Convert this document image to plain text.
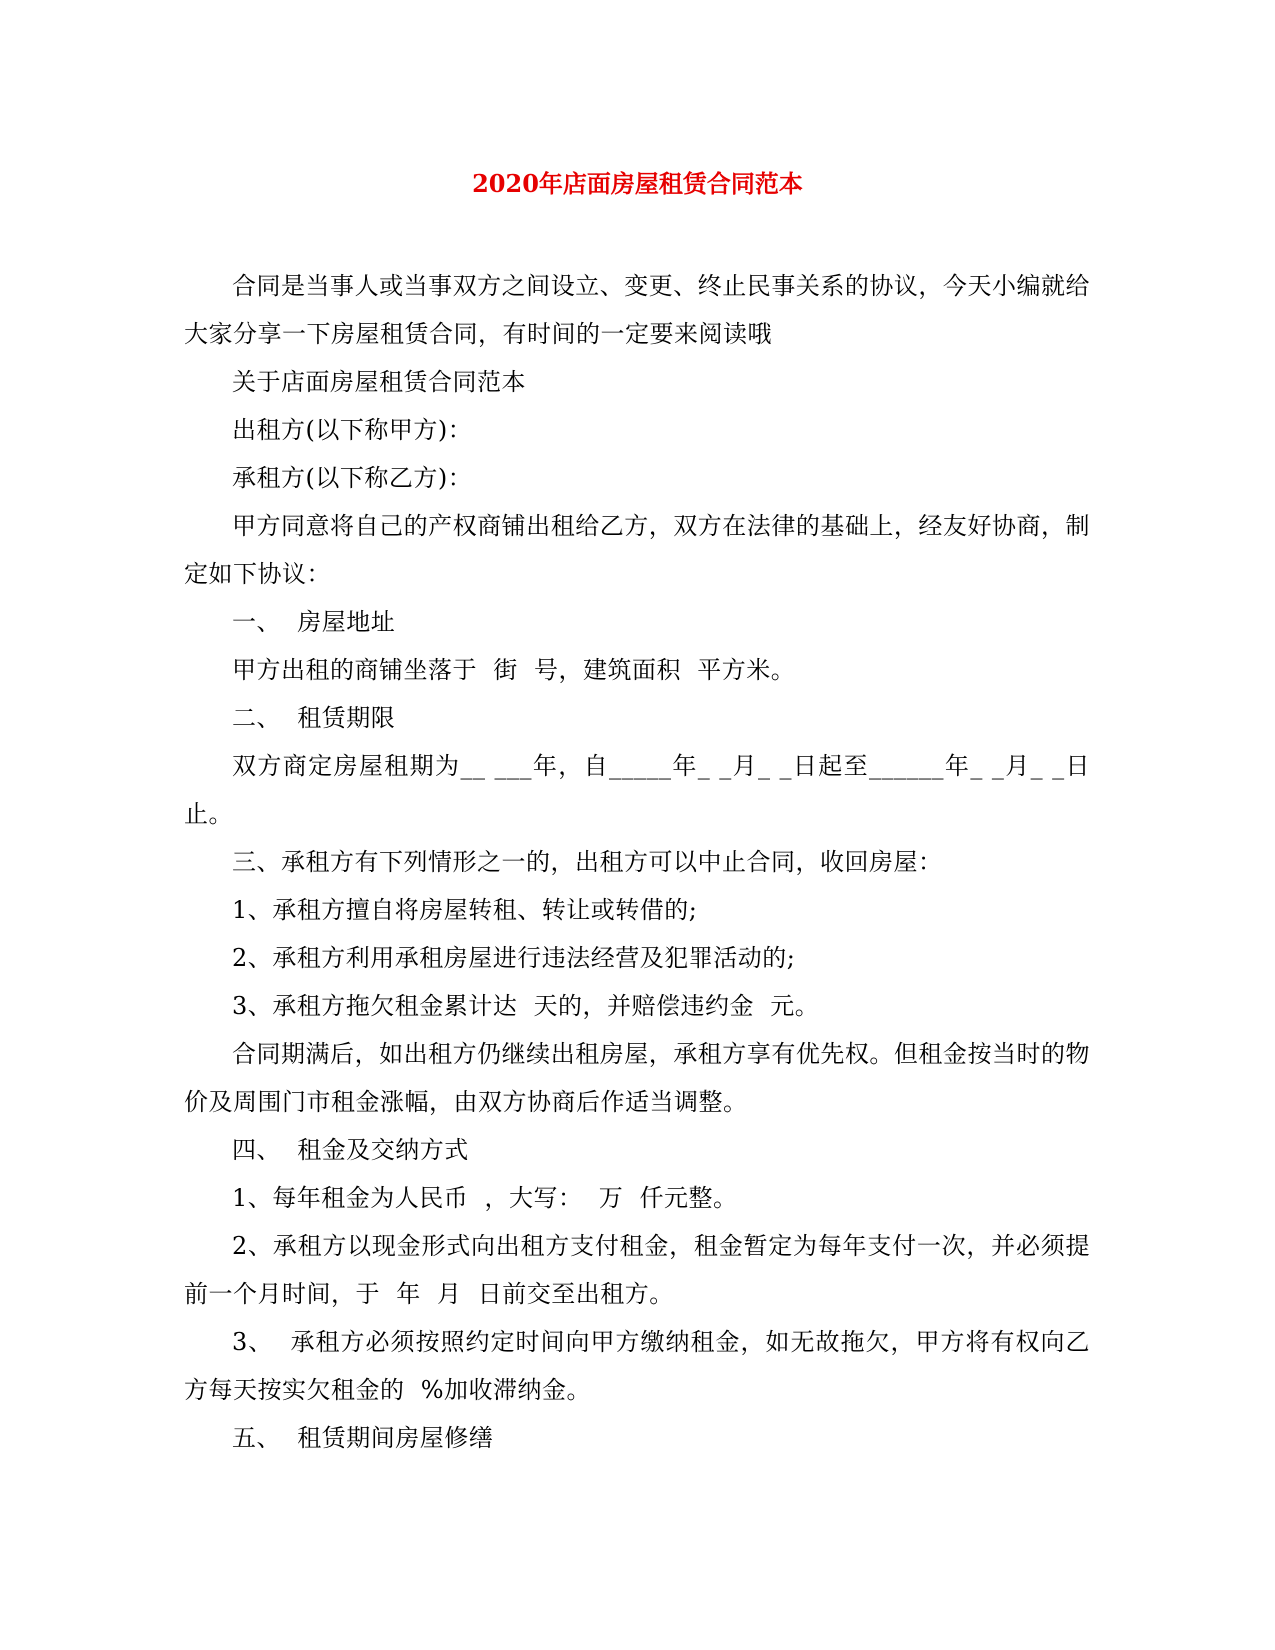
2020年店面房屋租赁合同范本

合同是当事人或当事双方之间设立、变更、终止民事关系的协议，今天小编就给大家分享一下房屋租赁合同，有时间的一定要来阅读哦

关于店面房屋租赁合同范本

出租方(以下称甲方)：

承租方(以下称乙方)：

甲方同意将自己的产权商铺出租给乙方，双方在法律的基础上，经友好协商，制定如下协议：

一、  房屋地址

甲方出租的商铺坐落于  街  号，建筑面积  平方米。

二、  租赁期限

双方商定房屋租期为__ ___年，自_____年_ _月_ _日起至______年_ _月_ _日止。

三、承租方有下列情形之一的，出租方可以中止合同，收回房屋：

1、承租方擅自将房屋转租、转让或转借的;

2、承租方利用承租房屋进行违法经营及犯罪活动的;

3、承租方拖欠租金累计达  天的，并赔偿违约金  元。

合同期满后，如出租方仍继续出租房屋，承租方享有优先权。但租金按当时的物价及周围门市租金涨幅，由双方协商后作适当调整。

四、  租金及交纳方式

1、每年租金为人民币  ，大写：  万  仟元整。

2、承租方以现金形式向出租方支付租金，租金暂定为每年支付一次，并必须提前一个月时间，于  年  月  日前交至出租方。

3、  承租方必须按照约定时间向甲方缴纳租金，如无故拖欠，甲方将有权向乙方每天按实欠租金的  %加收滞纳金。

五、  租赁期间房屋修缮
